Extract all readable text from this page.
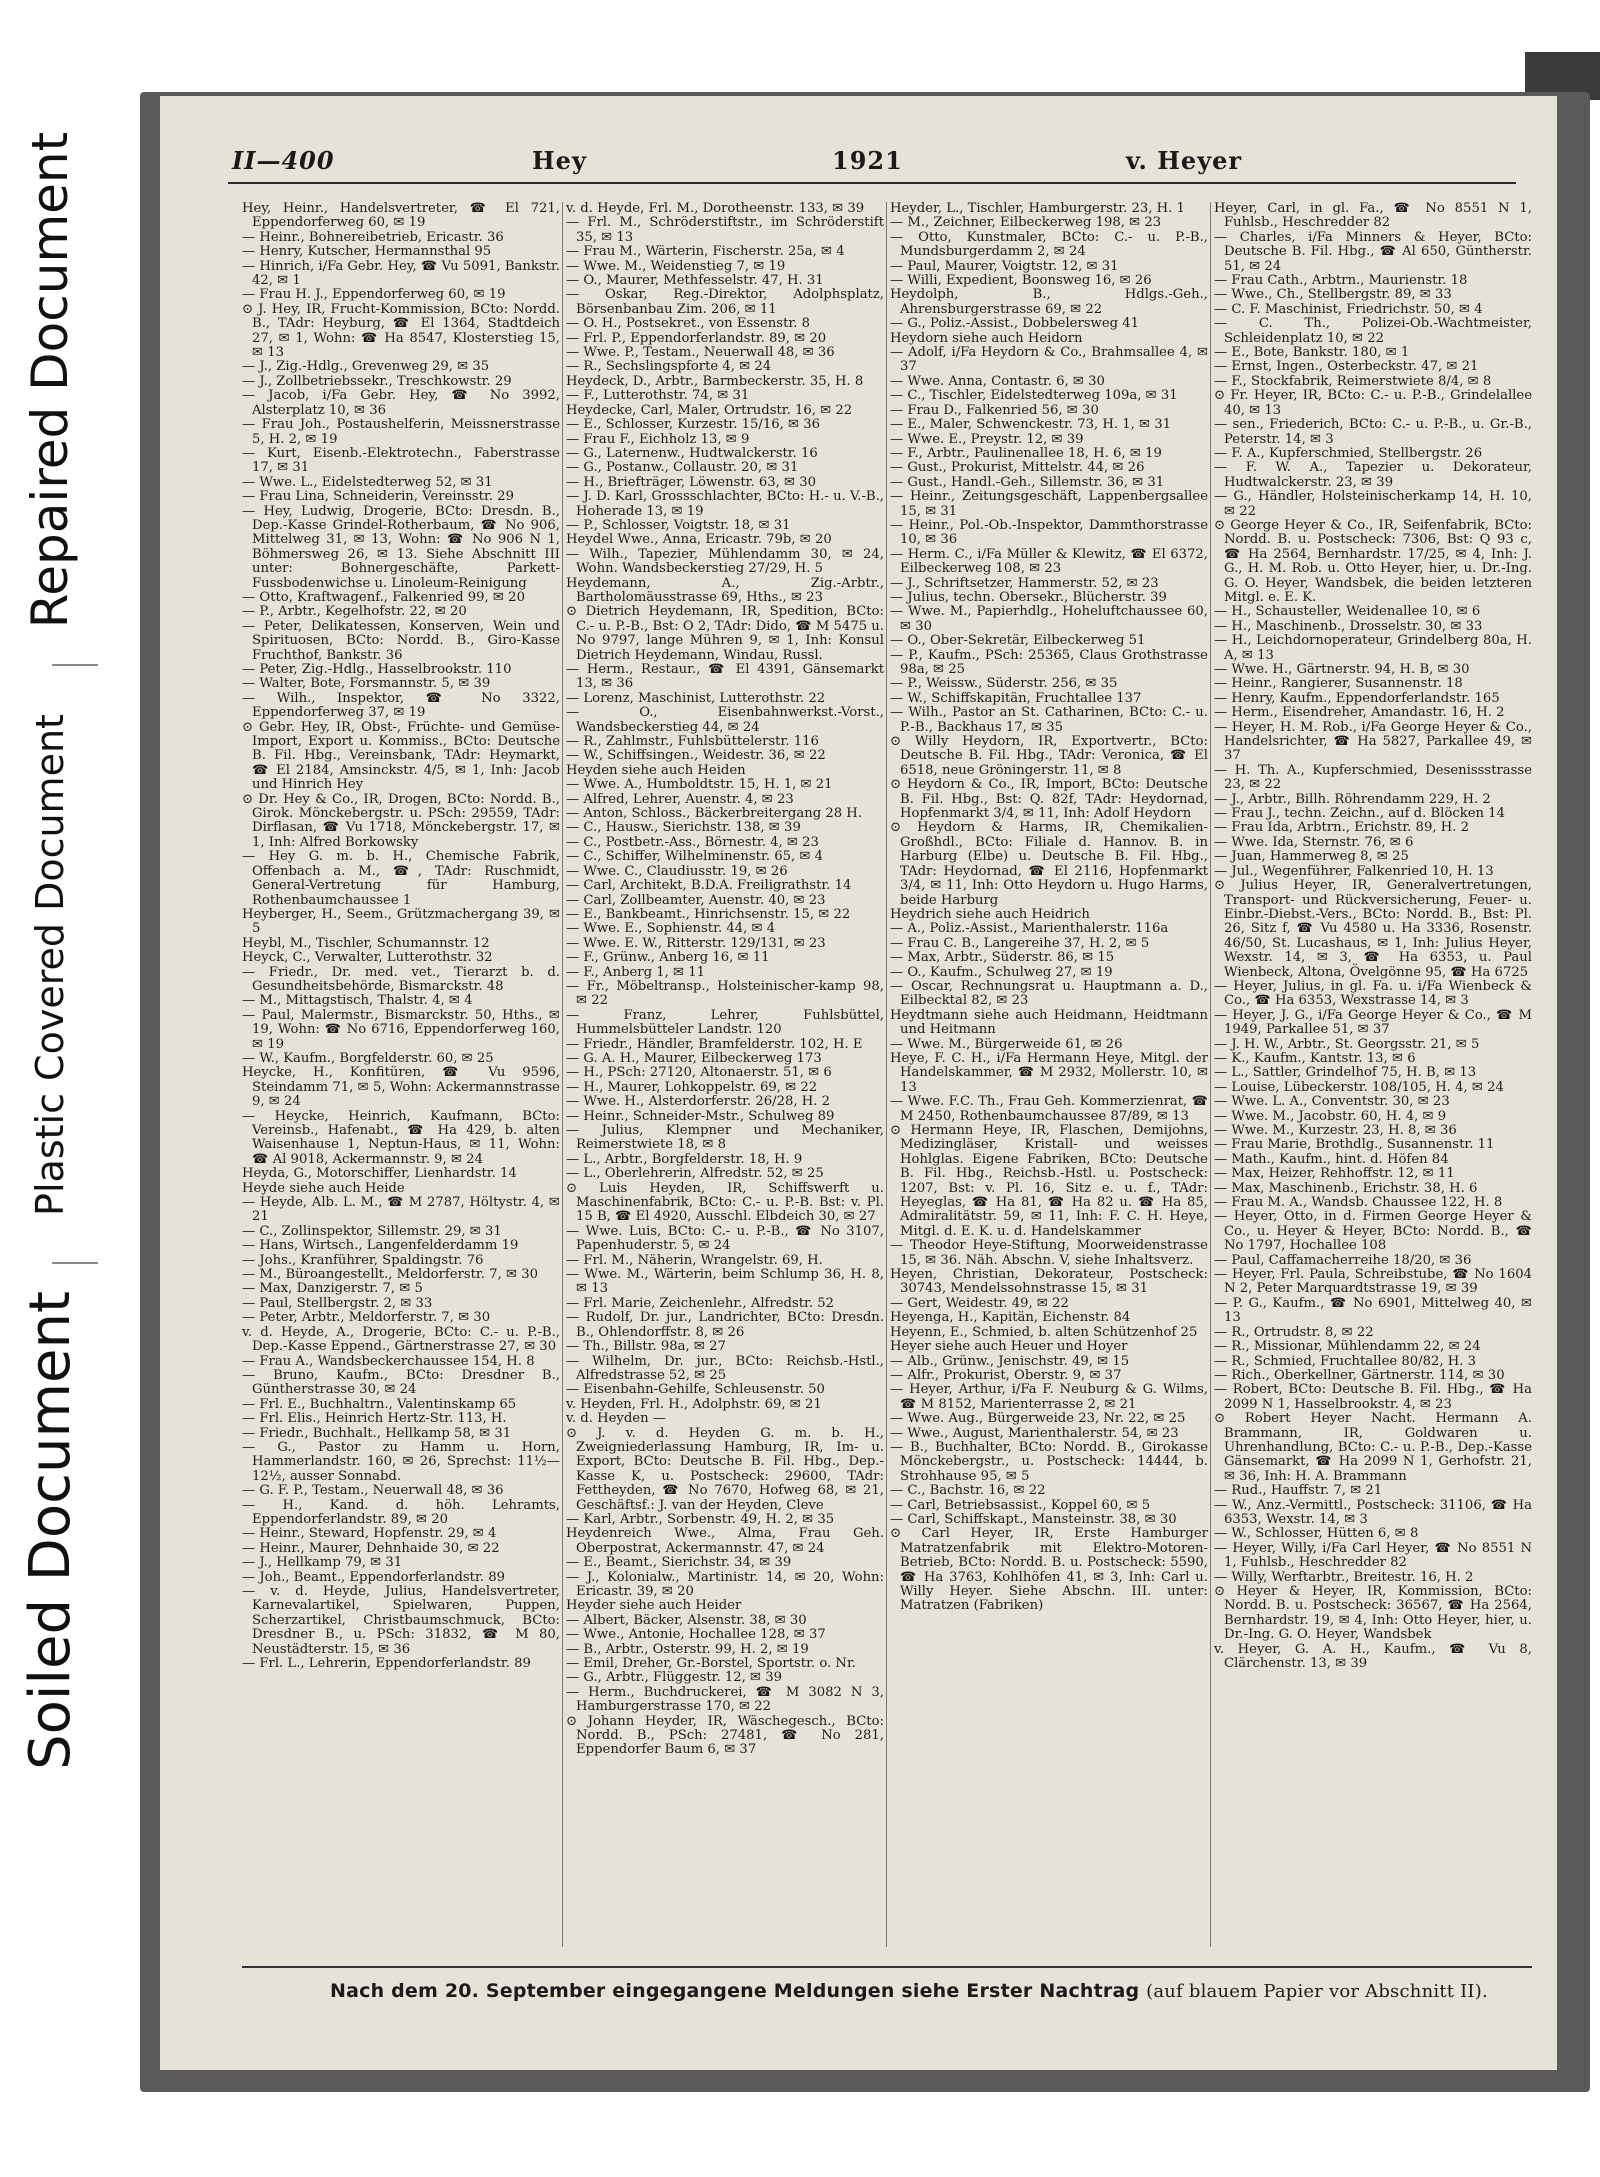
Soiled Document
Plastic Covered Document
Repaired Document	II—400	Hey	1921	v. Heyer

Hey, Heinr., Handelsvertreter, ☎ El 721, Eppendorferweg 60, ✉ 19

— Heinr., Bohnereibetrieb, Ericastr. 36

— Henry, Kutscher, Hermannsthal 95

— Hinrich, i/Fa Gebr. Hey, ☎ Vu 5091, Bankstr. 42, ✉ 1

— Frau H. J., Eppendorferweg 60, ✉ 19

⊙ J. Hey, IR, Frucht-Kommission, BCto: Nordd. B., TAdr: Heyburg, ☎ El 1364, Stadtdeich 27, ✉ 1, Wohn: ☎ Ha 8547, Klosterstieg 15, ✉ 13

— J., Zig.-Hdlg., Grevenweg 29, ✉ 35

— J., Zollbetriebssekr., Treschkowstr. 29

— Jacob, i/Fa Gebr. Hey, ☎ No 3992, Alsterplatz 10, ✉ 36

— Frau Joh., Postaushelferin, Meissnerstrasse 5, H. 2, ✉ 19

— Kurt, Eisenb.-Elektrotechn., Faberstrasse 17, ✉ 31

— Wwe. L., Eidelstedterweg 52, ✉ 31

— Frau Lina, Schneiderin, Vereinsstr. 29

— Hey, Ludwig, Drogerie, BCto: Dresdn. B., Dep.-Kasse Grindel-Rotherbaum, ☎ No 906, Mittelweg 31, ✉ 13, Wohn: ☎ No 906 N 1, Böhmersweg 26, ✉ 13. Siehe Abschnitt III unter: Bohnergeschäfte, Parkett-Fussbodenwichse u. Linoleum-Reinigung

— Otto, Kraftwagenf., Falkenried 99, ✉ 20

— P., Arbtr., Kegelhofstr. 22, ✉ 20

— Peter, Delikatessen, Konserven, Wein und Spirituosen, BCto: Nordd. B., Giro-Kasse Fruchthof, Bankstr. 36

— Peter, Zig.-Hdlg., Hasselbrookstr. 110

— Walter, Bote, Forsmannstr. 5, ✉ 39

— Wilh., Inspektor, ☎ No 3322, Eppendorferweg 37, ✉ 19

⊙ Gebr. Hey, IR, Obst-, Früchte- und Gemüse-Import, Export u. Kommiss., BCto: Deutsche B. Fil. Hbg., Vereinsbank, TAdr: Heymarkt, ☎ El 2184, Amsinckstr. 4/5, ✉ 1, Inh: Jacob und Hinrich Hey

⊙ Dr. Hey & Co., IR, Drogen, BCto: Nordd. B., Girok. Mönckebergstr. u. PSch: 29559, TAdr: Dirflasan, ☎ Vu 1718, Mönckebergstr. 17, ✉ 1, Inh: Alfred Borkowsky

— Hey G. m. b. H., Chemische Fabrik, Offenbach a. M., ☎, TAdr: Ruschmidt, General-Vertretung für Hamburg, Rothenbaumchaussee 1

Heyberger, H., Seem., Grützmachergang 39, ✉ 5

Heybl, M., Tischler, Schumannstr. 12

Heyck, C., Verwalter, Lutterothstr. 32

— Friedr., Dr. med. vet., Tierarzt b. d. Gesundheitsbehörde, Bismarckstr. 48

— M., Mittagstisch, Thalstr. 4, ✉ 4

— Paul, Malermstr., Bismarckstr. 50, Hths., ✉ 19, Wohn: ☎ No 6716, Eppendorferweg 160, ✉ 19

— W., Kaufm., Borgfelderstr. 60, ✉ 25

Heycke, H., Konfitüren, ☎ Vu 9596, Steindamm 71, ✉ 5, Wohn: Ackermannstrasse 9, ✉ 24

— Heycke, Heinrich, Kaufmann, BCto: Vereinsb., Hafenabt., ☎ Ha 429, b. alten Waisenhause 1, Neptun-Haus, ✉ 11, Wohn: ☎ Al 9018, Ackermannstr. 9, ✉ 24

Heyda, G., Motorschiffer, Lienhardstr. 14

Heyde siehe auch Heide

— Heyde, Alb. L. M., ☎ M 2787, Höltystr. 4, ✉ 21

— C., Zollinspektor, Sillemstr. 29, ✉ 31

— Hans, Wirtsch., Langenfelderdamm 19

— Johs., Kranführer, Spaldingstr. 76

— M., Büroangestellt., Meldorferstr. 7, ✉ 30

— Max, Danzigerstr. 7, ✉ 5

— Paul, Stellbergstr. 2, ✉ 33

— Peter, Arbtr., Meldorferstr. 7, ✉ 30

v. d. Heyde, A., Drogerie, BCto: C.- u. P.-B., Dep.-Kasse Eppend., Gärtnerstrasse 27, ✉ 30

— Frau A., Wandsbeckerchaussee 154, H. 8

— Bruno, Kaufm., BCto: Dresdner B., Güntherstrasse 30, ✉ 24

— Frl. E., Buchhaltrn., Valentinskamp 65

— Frl. Elis., Heinrich Hertz-Str. 113, H.

— Friedr., Buchhalt., Hellkamp 58, ✉ 31

— G., Pastor zu Hamm u. Horn, Hammerlandstr. 160, ✉ 26, Sprechst: 11½—12½, ausser Sonnabd.

— G. F. P., Testam., Neuerwall 48, ✉ 36

— H., Kand. d. höh. Lehramts, Eppendorferlandstr. 89, ✉ 20

— Heinr., Steward, Hopfenstr. 29, ✉ 4

— Heinr., Maurer, Dehnhaide 30, ✉ 22

— J., Hellkamp 79, ✉ 31

— Joh., Beamt., Eppendorferlandstr. 89

— v. d. Heyde, Julius, Handelsvertreter, Karnevalartikel, Spielwaren, Puppen, Scherzartikel, Christbaumschmuck, BCto: Dresdner B., u. PSch: 31832, ☎ M 80, Neustädterstr. 15, ✉ 36

— Frl. L., Lehrerin, Eppendorferlandstr. 89

v. d. Heyde, Frl. M., Dorotheenstr. 133, ✉ 39

— Frl. M., Schröderstiftstr., im Schröderstift 35, ✉ 13

— Frau M., Wärterin, Fischerstr. 25a, ✉ 4

— Wwe. M., Weidenstieg 7, ✉ 19

— O., Maurer, Methfesselstr. 47, H. 31

— Oskar, Reg.-Direktor, Adolphsplatz, Börsenbanbau Zim. 206, ✉ 11

— O. H., Postsekret., von Essenstr. 8

— Frl. P., Eppendorferlandstr. 89, ✉ 20

— Wwe. P., Testam., Neuerwall 48, ✉ 36

— R., Sechslingspforte 4, ✉ 24

Heydeck, D., Arbtr., Barmbeckerstr. 35, H. 8

— F., Lutterothstr. 74, ✉ 31

Heydecke, Carl, Maler, Ortrudstr. 16, ✉ 22

— E., Schlosser, Kurzestr. 15/16, ✉ 36

— Frau F., Eichholz 13, ✉ 9

— G., Laternenw., Hudtwalckerstr. 16

— G., Postanw., Collaustr. 20, ✉ 31

— H., Briefträger, Löwenstr. 63, ✉ 30

— J. D. Karl, Grossschlachter, BCto: H.- u. V.-B., Hoherade 13, ✉ 19

— P., Schlosser, Voigtstr. 18, ✉ 31

Heydel Wwe., Anna, Ericastr. 79b, ✉ 20

— Wilh., Tapezier, Mühlendamm 30, ✉ 24, Wohn. Wandsbeckerstieg 27/29, H. 5

Heydemann, A., Zig.-Arbtr., Bartholomäusstrasse 69, Hths., ✉ 23

⊙ Dietrich Heydemann, IR, Spedition, BCto: C.- u. P.-B., Bst: O 2, TAdr: Dido, ☎ M 5475 u. No 9797, lange Mühren 9, ✉ 1, Inh: Konsul Dietrich Heydemann, Windau, Russl.

— Herm., Restaur., ☎ El 4391, Gänsemarkt 13, ✉ 36

— Lorenz, Maschinist, Lutterothstr. 22

— O., Eisenbahnwerkst.-Vorst., Wandsbeckerstieg 44, ✉ 24

— R., Zahlmstr., Fuhlsbüttelerstr. 116

— W., Schiffsingen., Weidestr. 36, ✉ 22

Heyden siehe auch Heiden

— Wwe. A., Humboldtstr. 15, H. 1, ✉ 21

— Alfred, Lehrer, Auenstr. 4, ✉ 23

— Anton, Schloss., Bäckerbreitergang 28 H.

— C., Hausw., Sierichstr. 138, ✉ 39

— C., Postbetr.-Ass., Börnestr. 4, ✉ 23

— C., Schiffer, Wilhelminenstr. 65, ✉ 4

— Wwe. C., Claudiusstr. 19, ✉ 26

— Carl, Architekt, B.D.A. Freiligrathstr. 14

— Carl, Zollbeamter, Auenstr. 40, ✉ 23

— E., Bankbeamt., Hinrichsenstr. 15, ✉ 22

— Wwe. E., Sophienstr. 44, ✉ 4

— Wwe. E. W., Ritterstr. 129/131, ✉ 23

— F., Grünw., Anberg 16, ✉ 11

— F., Anberg 1, ✉ 11

— Fr., Möbeltransp., Holsteinischer-kamp 98, ✉ 22

— Franz, Lehrer, Fuhlsbüttel, Hummelsbütteler Landstr. 120

— Friedr., Händler, Bramfelderstr. 102, H. E

— G. A. H., Maurer, Eilbeckerweg 173

— H., PSch: 27120, Altonaerstr. 51, ✉ 6

— H., Maurer, Lohkoppelstr. 69, ✉ 22

— Wwe. H., Alsterdorferstr. 26/28, H. 2

— Heinr., Schneider-Mstr., Schulweg 89

— Julius, Klempner und Mechaniker, Reimerstwiete 18, ✉ 8

— L., Arbtr., Borgfelderstr. 18, H. 9

— L., Oberlehrerin, Alfredstr. 52, ✉ 25

⊙ Luis Heyden, IR, Schiffswerft u. Maschinenfabrik, BCto: C.- u. P.-B. Bst: v. Pl. 15 B, ☎ El 4920, Ausschl. Elbdeich 30, ✉ 27

— Wwe. Luis, BCto: C.- u. P.-B., ☎ No 3107, Papenhuderstr. 5, ✉ 24

— Frl. M., Näherin, Wrangelstr. 69, H.

— Wwe. M., Wärterin, beim Schlump 36, H. 8, ✉ 13

— Frl. Marie, Zeichenlehr., Alfredstr. 52

— Rudolf, Dr. jur., Landrichter, BCto: Dresdn. B., Ohlendorffstr. 8, ✉ 26

— Th., Billstr. 98a, ✉ 27

— Wilhelm, Dr. jur., BCto: Reichsb.-Hstl., Alfredstrasse 52, ✉ 25

— Eisenbahn-Gehilfe, Schleusenstr. 50

v. Heyden, Frl. H., Adolphstr. 69, ✉ 21

v. d. Heyden —

⊙ J. v. d. Heyden G. m. b. H., Zweigniederlassung Hamburg, IR, Im- u. Export, BCto: Deutsche B. Fil. Hbg., Dep.-Kasse K, u. Postscheck: 29600, TAdr: Fettheyden, ☎ No 7670, Hofweg 68, ✉ 21, Geschäftsf.: J. van der Heyden, Cleve

— Karl, Arbtr., Sorbenstr. 49, H. 2, ✉ 35

Heydenreich Wwe., Alma, Frau Geh. Oberpostrat, Ackermannstr. 47, ✉ 24

— E., Beamt., Sierichstr. 34, ✉ 39

— J., Kolonialw., Martinistr. 14, ✉ 20, Wohn: Ericastr. 39, ✉ 20

Heyder siehe auch Heider

— Albert, Bäcker, Alsenstr. 38, ✉ 30

— Wwe., Antonie, Hochallee 128, ✉ 37

— B., Arbtr., Osterstr. 99, H. 2, ✉ 19

— Emil, Dreher, Gr.-Borstel, Sportstr. o. Nr.

— G., Arbtr., Flüggestr. 12, ✉ 39

— Herm., Buchdruckerei, ☎ M 3082 N 3, Hamburgerstrasse 170, ✉ 22

⊙ Johann Heyder, IR, Wäschegesch., BCto: Nordd. B., PSch: 27481, ☎ No 281, Eppendorfer Baum 6, ✉ 37

Heyder, L., Tischler, Hamburgerstr. 23, H. 1

— M., Zeichner, Eilbeckerweg 198, ✉ 23

— Otto, Kunstmaler, BCto: C.- u. P.-B., Mundsburgerdamm 2, ✉ 24

— Paul, Maurer, Voigtstr. 12, ✉ 31

— Willi, Expedient, Boonsweg 16, ✉ 26

Heydolph, B., Hdlgs.-Geh., Ahrensburgerstrasse 69, ✉ 22

— G., Poliz.-Assist., Dobbelersweg 41

Heydorn siehe auch Heidorn

— Adolf, i/Fa Heydorn & Co., Brahmsallee 4, ✉ 37

— Wwe. Anna, Contastr. 6, ✉ 30

— C., Tischler, Eidelstedterweg 109a, ✉ 31

— Frau D., Falkenried 56, ✉ 30

— E., Maler, Schwenckestr. 73, H. 1, ✉ 31

— Wwe. E., Preystr. 12, ✉ 39

— F., Arbtr., Paulinenallee 18, H. 6, ✉ 19

— Gust., Prokurist, Mittelstr. 44, ✉ 26

— Gust., Handl.-Geh., Sillemstr. 36, ✉ 31

— Heinr., Zeitungsgeschäft, Lappenbergsallee 15, ✉ 31

— Heinr., Pol.-Ob.-Inspektor, Dammthorstrasse 10, ✉ 36

— Herm. C., i/Fa Müller & Klewitz, ☎ El 6372, Eilbeckerweg 108, ✉ 23

— J., Schriftsetzer, Hammerstr. 52, ✉ 23

— Julius, techn. Obersekr., Blücherstr. 39

— Wwe. M., Papierhdlg., Hoheluftchaussee 60, ✉ 30

— O., Ober-Sekretär, Eilbeckerweg 51

— P., Kaufm., PSch: 25365, Claus Grothstrasse 98a, ✉ 25

— P., Weissw., Süderstr. 256, ✉ 35

— W., Schiffskapitän, Fruchtallee 137

— Wilh., Pastor an St. Catharinen, BCto: C.- u. P.-B., Backhaus 17, ✉ 35

⊙ Willy Heydorn, IR, Exportvertr., BCto: Deutsche B. Fil. Hbg., TAdr: Veronica, ☎ El 6518, neue Gröningerstr. 11, ✉ 8

⊙ Heydorn & Co., IR, Import, BCto: Deutsche B. Fil. Hbg., Bst: Q. 82f, TAdr: Heydornad, Hopfenmarkt 3/4, ✉ 11, Inh: Adolf Heydorn

⊙ Heydorn & Harms, IR, Chemikalien-Großhdl., BCto: Filiale d. Hannov. B. in Harburg (Elbe) u. Deutsche B. Fil. Hbg., TAdr: Heydornad, ☎ El 2116, Hopfenmarkt 3/4, ✉ 11, Inh: Otto Heydorn u. Hugo Harms, beide Harburg

Heydrich siehe auch Heidrich

— A., Poliz.-Assist., Marienthalerstr. 116a

— Frau C. B., Langereihe 37, H. 2, ✉ 5

— Max, Arbtr., Süderstr. 86, ✉ 15

— O., Kaufm., Schulweg 27, ✉ 19

— Oscar, Rechnungsrat u. Hauptmann a. D., Eilbecktal 82, ✉ 23

Heydtmann siehe auch Heidmann, Heidtmann und Heitmann

— Wwe. M., Bürgerweide 61, ✉ 26

Heye, F. C. H., i/Fa Hermann Heye, Mitgl. der Handelskammer, ☎ M 2932, Mollerstr. 10, ✉ 13

— Wwe. F.C. Th., Frau Geh. Kommerzienrat, ☎ M 2450, Rothenbaumchaussee 87/89, ✉ 13

⊙ Hermann Heye, IR, Flaschen, Demijohns, Medizingläser, Kristall- und weisses Hohlglas. Eigene Fabriken, BCto: Deutsche B. Fil. Hbg., Reichsb.-Hstl. u. Postscheck: 1207, Bst: v. Pl. 16, Sitz e. u. f., TAdr: Heyeglas, ☎ Ha 81, ☎ Ha 82 u. ☎ Ha 85, Admiralitätstr. 59, ✉ 11, Inh: F. C. H. Heye, Mitgl. d. E. K. u. d. Handelskammer

— Theodor Heye-Stiftung, Moorweidenstrasse 15, ✉ 36. Näh. Abschn. V, siehe Inhaltsverz.

Heyen, Christian, Dekorateur, Postscheck: 30743, Mendelssohnstrasse 15, ✉ 31

— Gert, Weidestr. 49, ✉ 22

Heyenga, H., Kapitän, Eichenstr. 84

Heyenn, E., Schmied, b. alten Schützenhof 25

Heyer siehe auch Heuer und Hoyer

— Alb., Grünw., Jenischstr. 49, ✉ 15

— Alfr., Prokurist, Oberstr. 9, ✉ 37

— Heyer, Arthur, i/Fa F. Neuburg & G. Wilms, ☎ M 8152, Marienterrasse 2, ✉ 21

— Wwe. Aug., Bürgerweide 23, Nr. 22, ✉ 25

— Wwe., August, Marienthalerstr. 54, ✉ 23

— B., Buchhalter, BCto: Nordd. B., Girokasse Mönckebergstr., u. Postscheck: 14444, b. Strohhause 95, ✉ 5

— C., Bachstr. 16, ✉ 22

— Carl, Betriebsassist., Koppel 60, ✉ 5

— Carl, Schiffskapt., Mansteinstr. 38, ✉ 30

⊙ Carl Heyer, IR, Erste Hamburger Matratzenfabrik mit Elektro-Motoren-Betrieb, BCto: Nordd. B. u. Postscheck: 5590, ☎ Ha 3763, Kohlhöfen 41, ✉ 3, Inh: Carl u. Willy Heyer. Siehe Abschn. III. unter: Matratzen (Fabriken)

Heyer, Carl, in gl. Fa., ☎ No 8551 N 1, Fuhlsb., Heschredder 82

— Charles, i/Fa Minners & Heyer, BCto: Deutsche B. Fil. Hbg., ☎ Al 650, Güntherstr. 51, ✉ 24

— Frau Cath., Arbtrn., Maurienstr. 18

— Wwe., Ch., Stellbergstr. 89, ✉ 33

— C. F. Maschinist, Friedrichstr. 50, ✉ 4

— C. Th., Polizei-Ob.-Wachtmeister, Schleidenplatz 10, ✉ 22

— E., Bote, Bankstr. 180, ✉ 1

— Ernst, Ingen., Osterbeckstr. 47, ✉ 21

— F., Stockfabrik, Reimerstwiete 8/4, ✉ 8

⊙ Fr. Heyer, IR, BCto: C.- u. P.-B., Grindelallee 40, ✉ 13

— sen., Friederich, BCto: C.- u. P.-B., u. Gr.-B., Peterstr. 14, ✉ 3

— F. A., Kupferschmied, Stellbergstr. 26

— F. W. A., Tapezier u. Dekorateur, Hudtwalckerstr. 23, ✉ 39

— G., Händler, Holsteinischerkamp 14, H. 10, ✉ 22

⊙ George Heyer & Co., IR, Seifenfabrik, BCto: Nordd. B. u. Postscheck: 7306, Bst: Q 93 c, ☎ Ha 2564, Bernhardstr. 17/25, ✉ 4, Inh: J. G., H. M. Rob. u. Otto Heyer, hier, u. Dr.-Ing. G. O. Heyer, Wandsbek, die beiden letzteren Mitgl. e. E. K.

— H., Schausteller, Weidenallee 10, ✉ 6

— H., Maschinenb., Drosselstr. 30, ✉ 33

— H., Leichdornoperateur, Grindelberg 80a, H. A, ✉ 13

— Wwe. H., Gärtnerstr. 94, H. B, ✉ 30

— Heinr., Rangierer, Susannenstr. 18

— Henry, Kaufm., Eppendorferlandstr. 165

— Herm., Eisendreher, Amandastr. 16, H. 2

— Heyer, H. M. Rob., i/Fa George Heyer & Co., Handelsrichter, ☎ Ha 5827, Parkallee 49, ✉ 37

— H. Th. A., Kupferschmied, Desenissstrasse 23, ✉ 22

— J., Arbtr., Billh. Röhrendamm 229, H. 2

— Frau J., techn. Zeichn., auf d. Blöcken 14

— Frau Ida, Arbtrn., Erichstr. 89, H. 2

— Wwe. Ida, Sternstr. 76, ✉ 6

— Juan, Hammerweg 8, ✉ 25

— Jul., Wegenführer, Falkenried 10, H. 13

⊙ Julius Heyer, IR, Generalvertretungen, Transport- und Rückversicherung, Feuer- u. Einbr.-Diebst.-Vers., BCto: Nordd. B., Bst: Pl. 26, Sitz f, ☎ Vu 4580 u. Ha 3336, Rosenstr. 46/50, St. Lucashaus, ✉ 1, Inh: Julius Heyer, Wexstr. 14, ✉ 3, ☎ Ha 6353, u. Paul Wienbeck, Altona, Övelgönne 95, ☎ Ha 6725

— Heyer, Julius, in gl. Fa. u. i/Fa Wienbeck & Co., ☎ Ha 6353, Wexstrasse 14, ✉ 3

— Heyer, J. G., i/Fa George Heyer & Co., ☎ M 1949, Parkallee 51, ✉ 37

— J. H. W., Arbtr., St. Georgsstr. 21, ✉ 5

— K., Kaufm., Kantstr. 13, ✉ 6

— L., Sattler, Grindelhof 75, H. B, ✉ 13

— Louise, Lübeckerstr. 108/105, H. 4, ✉ 24

— Wwe. L. A., Conventstr. 30, ✉ 23

— Wwe. M., Jacobstr. 60, H. 4, ✉ 9

— Wwe. M., Kurzestr. 23, H. 8, ✉ 36

— Frau Marie, Brothdlg., Susannenstr. 11

— Math., Kaufm., hint. d. Höfen 84

— Max, Heizer, Rehhoffstr. 12, ✉ 11

— Max, Maschinenb., Erichstr. 38, H. 6

— Frau M. A., Wandsb. Chaussee 122, H. 8

— Heyer, Otto, in d. Firmen George Heyer & Co., u. Heyer & Heyer, BCto: Nordd. B., ☎ No 1797, Hochallee 108

— Paul, Caffamacherreihe 18/20, ✉ 36

— Heyer, Frl. Paula, Schreibstube, ☎ No 1604 N 2, Peter Marquardtstrasse 19, ✉ 39

— P. G., Kaufm., ☎ No 6901, Mittelweg 40, ✉ 13

— R., Ortrudstr. 8, ✉ 22

— R., Missionar, Mühlendamm 22, ✉ 24

— R., Schmied, Fruchtallee 80/82, H. 3

— Rich., Oberkellner, Gärtnerstr. 114, ✉ 30

— Robert, BCto: Deutsche B. Fil. Hbg., ☎ Ha 2099 N 1, Hasselbrookstr. 4, ✉ 23

⊙ Robert Heyer Nacht. Hermann A. Brammann, IR, Goldwaren u. Uhrenhandlung, BCto: C.- u. P.-B., Dep.-Kasse Gänsemarkt, ☎ Ha 2099 N 1, Gerhofstr. 21, ✉ 36, Inh: H. A. Brammann

— Rud., Hauffstr. 7, ✉ 21

— W., Anz.-Vermittl., Postscheck: 31106, ☎ Ha 6353, Wexstr. 14, ✉ 3

— W., Schlosser, Hütten 6, ✉ 8

— Heyer, Willy, i/Fa Carl Heyer, ☎ No 8551 N 1, Fuhlsb., Heschredder 82

— Willy, Werftarbtr., Breitestr. 16, H. 2

⊙ Heyer & Heyer, IR, Kommission, BCto: Nordd. B. u. Postscheck: 36567, ☎ Ha 2564, Bernhardstr. 19, ✉ 4, Inh: Otto Heyer, hier, u. Dr.-Ing. G. O. Heyer, Wandsbek

v. Heyer, G. A. H., Kaufm., ☎ Vu 8, Clärchenstr. 13, ✉ 39

Nach dem 20. September eingegangene Meldungen siehe Erster Nachtrag (auf blauem Papier vor Abschnitt II).
